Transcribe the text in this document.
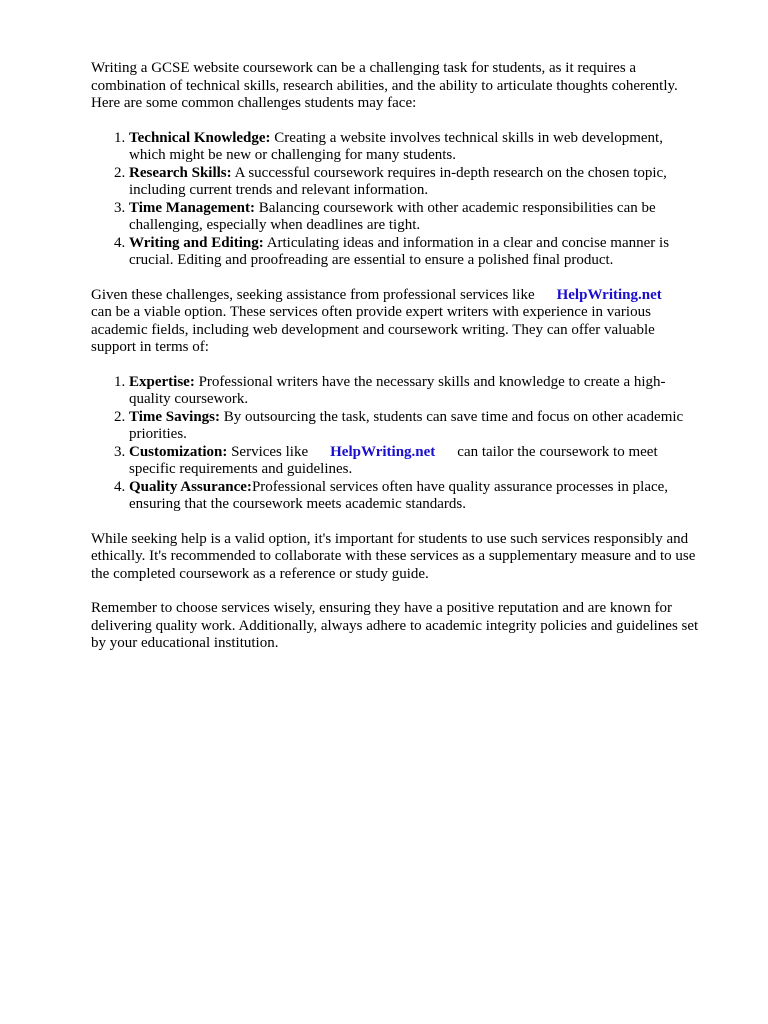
Writing a GCSE website coursework can be a challenging task for students, as it requires a combination of technical skills, research abilities, and the ability to articulate thoughts coherently. Here are some common challenges students may face:

1. Technical Knowledge: Creating a website involves technical skills in web development, which might be new or challenging for many students.
2. Research Skills: A successful coursework requires in-depth research on the chosen topic, including current trends and relevant information.
3. Time Management: Balancing coursework with other academic responsibilities can be challenging, especially when deadlines are tight.
4. Writing and Editing: Articulating ideas and information in a clear and concise manner is crucial. Editing and proofreading are essential to ensure a polished final product.

Given these challenges, seeking assistance from professional services like HelpWriting.net
can be a viable option. These services often provide expert writers with experience in various academic fields, including web development and coursework writing. They can offer valuable support in terms of:

1. Expertise: Professional writers have the necessary skills and knowledge to create a high-quality coursework.
2. Time Savings: By outsourcing the task, students can save time and focus on other academic priorities.
3. Customization: Services like HelpWriting.net can tailor the coursework to meet specific requirements and guidelines.
4. Quality Assurance:Professional services often have quality assurance processes in place, ensuring that the coursework meets academic standards.

While seeking help is a valid option, it's important for students to use such services responsibly and ethically. It's recommended to collaborate with these services as a supplementary measure and to use the completed coursework as a reference or study guide.

Remember to choose services wisely, ensuring they have a positive reputation and are known for delivering quality work. Additionally, always adhere to academic integrity policies and guidelines set by your educational institution.
